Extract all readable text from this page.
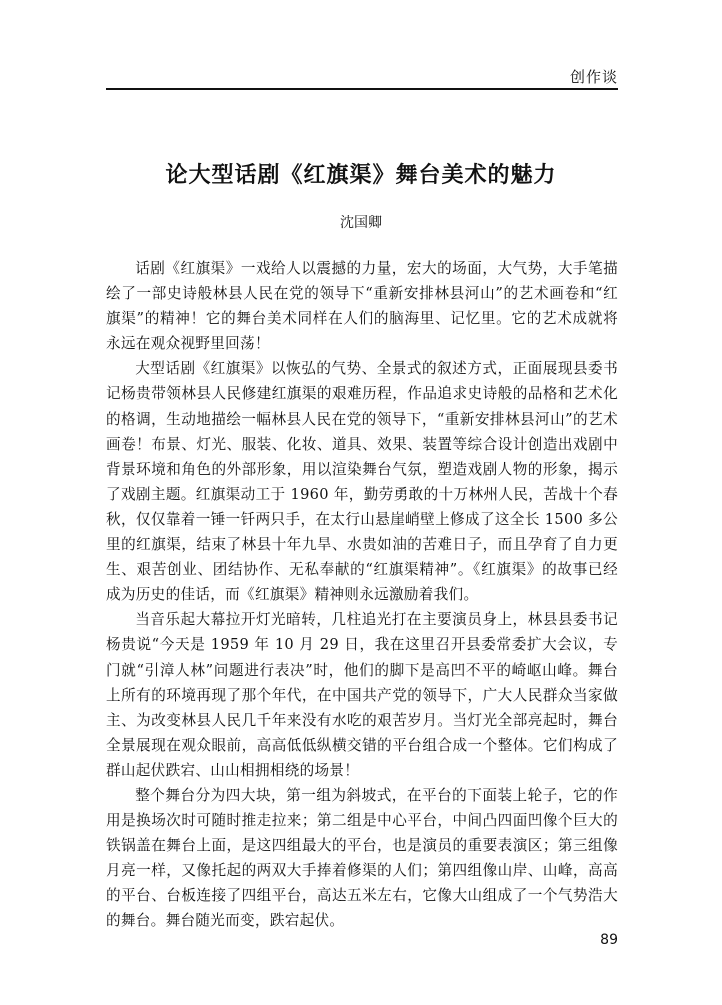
创作谈
论大型话剧《红旗渠》舞台美术的魅力
沈国卿

话剧《红旗渠》一戏给人以震撼的力量，宏大的场面，大气势，大手笔描绘了一部史诗般林县人民在党的领导下“重新安排林县河山”的艺术画卷和“红旗渠”的精神！它的舞台美术同样在人们的脑海里、记忆里。它的艺术成就将永远在观众视野里回荡！

大型话剧《红旗渠》以恢弘的气势、全景式的叙述方式，正面展现县委书记杨贵带领林县人民修建红旗渠的艰难历程，作品追求史诗般的品格和艺术化的格调，生动地描绘一幅林县人民在党的领导下，“重新安排林县河山”的艺术画卷！布景、灯光、服装、化妆、道具、效果、装置等综合设计创造出戏剧中背景环境和角色的外部形象，用以渲染舞台气氛，塑造戏剧人物的形象，揭示了戏剧主题。红旗渠动工于 1960 年，勤劳勇敢的十万林州人民，苦战十个春秋，仅仅靠着一锤一钎两只手，在太行山悬崖峭壁上修成了这全长 1500 多公里的红旗渠，结束了林县十年九旱、水贵如油的苦难日子，而且孕育了自力更生、艰苦创业、团结协作、无私奉献的“红旗渠精神”。《红旗渠》的故事已经成为历史的佳话，而《红旗渠》精神则永远激励着我们。

当音乐起大幕拉开灯光暗转，几柱追光打在主要演员身上，林县县委书记杨贵说“今天是 1959 年 10 月 29 日，我在这里召开县委常委扩大会议，专门就“引漳人林”问题进行表决”时，他们的脚下是高凹不平的崎岖山峰。舞台上所有的环境再现了那个年代，在中国共产党的领导下，广大人民群众当家做主、为改变林县人民几千年来没有水吃的艰苦岁月。当灯光全部亮起时，舞台全景展现在观众眼前，高高低低纵横交错的平台组合成一个整体。它们构成了群山起伏跌宕、山山相拥相绕的场景！

整个舞台分为四大块，第一组为斜坡式，在平台的下面装上轮子，它的作用是换场次时可随时推走拉来；第二组是中心平台，中间凸四面凹像个巨大的铁锅盖在舞台上面，是这四组最大的平台，也是演员的重要表演区；第三组像月亮一样，又像托起的两双大手捧着修渠的人们；第四组像山岸、山峰，高高的平台、台板连接了四组平台，高达五米左右，它像大山组成了一个气势浩大的舞台。舞台随光而变，跌宕起伏。

89
